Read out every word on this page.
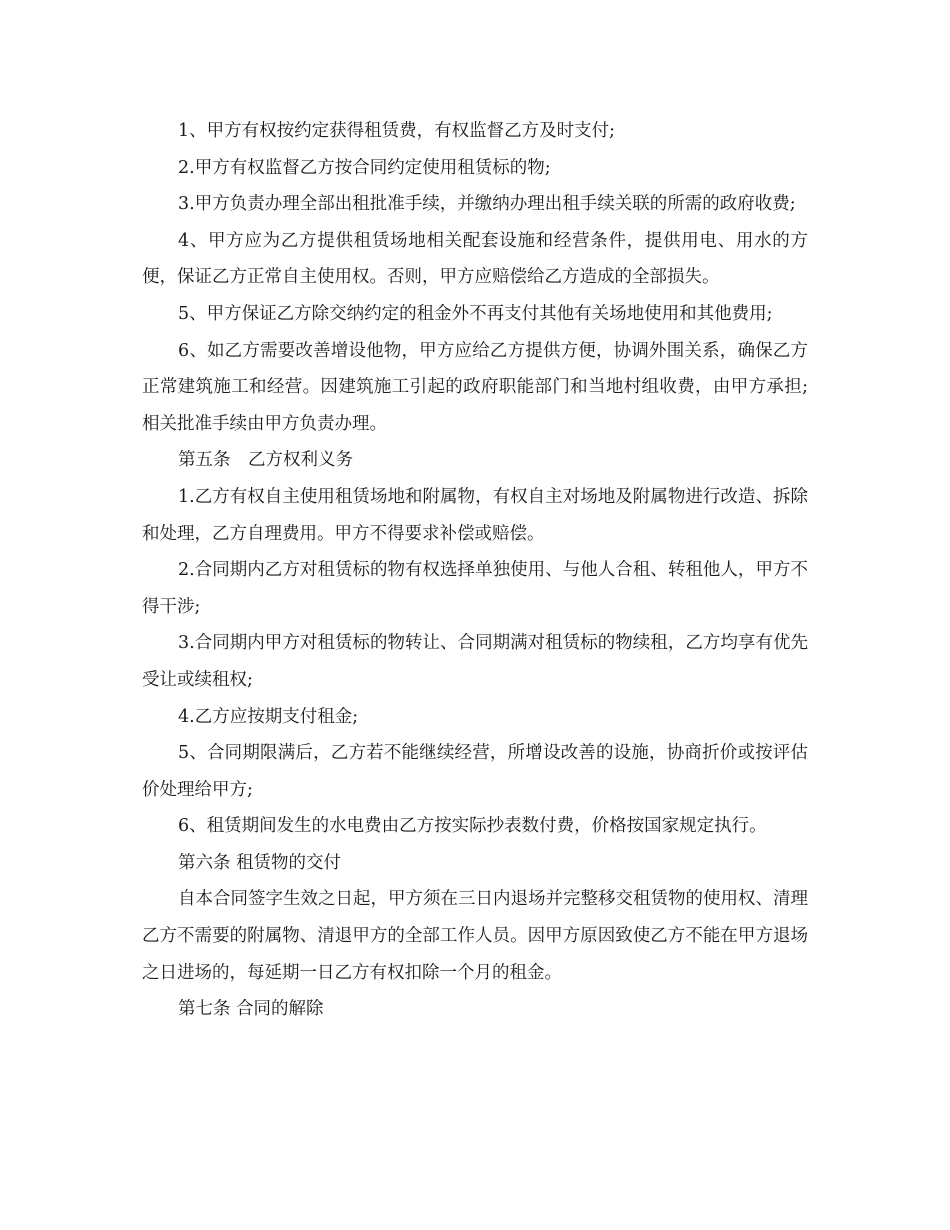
1、甲方有权按约定获得租赁费，有权监督乙方及时支付;

2.甲方有权监督乙方按合同约定使用租赁标的物;

3.甲方负责办理全部出租批准手续，并缴纳办理出租手续关联的所需的政府收费;

4、甲方应为乙方提供租赁场地相关配套设施和经营条件，提供用电、用水的方便，保证乙方正常自主使用权。否则，甲方应赔偿给乙方造成的全部损失。

5、甲方保证乙方除交纳约定的租金外不再支付其他有关场地使用和其他费用;

6、如乙方需要改善增设他物，甲方应给乙方提供方便，协调外围关系，确保乙方正常建筑施工和经营。因建筑施工引起的政府职能部门和当地村组收费，由甲方承担;相关批准手续由甲方负责办理。

第五条　乙方权利义务

1.乙方有权自主使用租赁场地和附属物，有权自主对场地及附属物进行改造、拆除和处理，乙方自理费用。甲方不得要求补偿或赔偿。

2.合同期内乙方对租赁标的物有权选择单独使用、与他人合租、转租他人，甲方不得干涉;

3.合同期内甲方对租赁标的物转让、合同期满对租赁标的物续租，乙方均享有优先受让或续租权;

4.乙方应按期支付租金;

5、合同期限满后，乙方若不能继续经营，所增设改善的设施，协商折价或按评估价处理给甲方;

6、租赁期间发生的水电费由乙方按实际抄表数付费，价格按国家规定执行。

第六条 租赁物的交付

自本合同签字生效之日起，甲方须在三日内退场并完整移交租赁物的使用权、清理乙方不需要的附属物、清退甲方的全部工作人员。因甲方原因致使乙方不能在甲方退场之日进场的，每延期一日乙方有权扣除一个月的租金。

第七条 合同的解除
